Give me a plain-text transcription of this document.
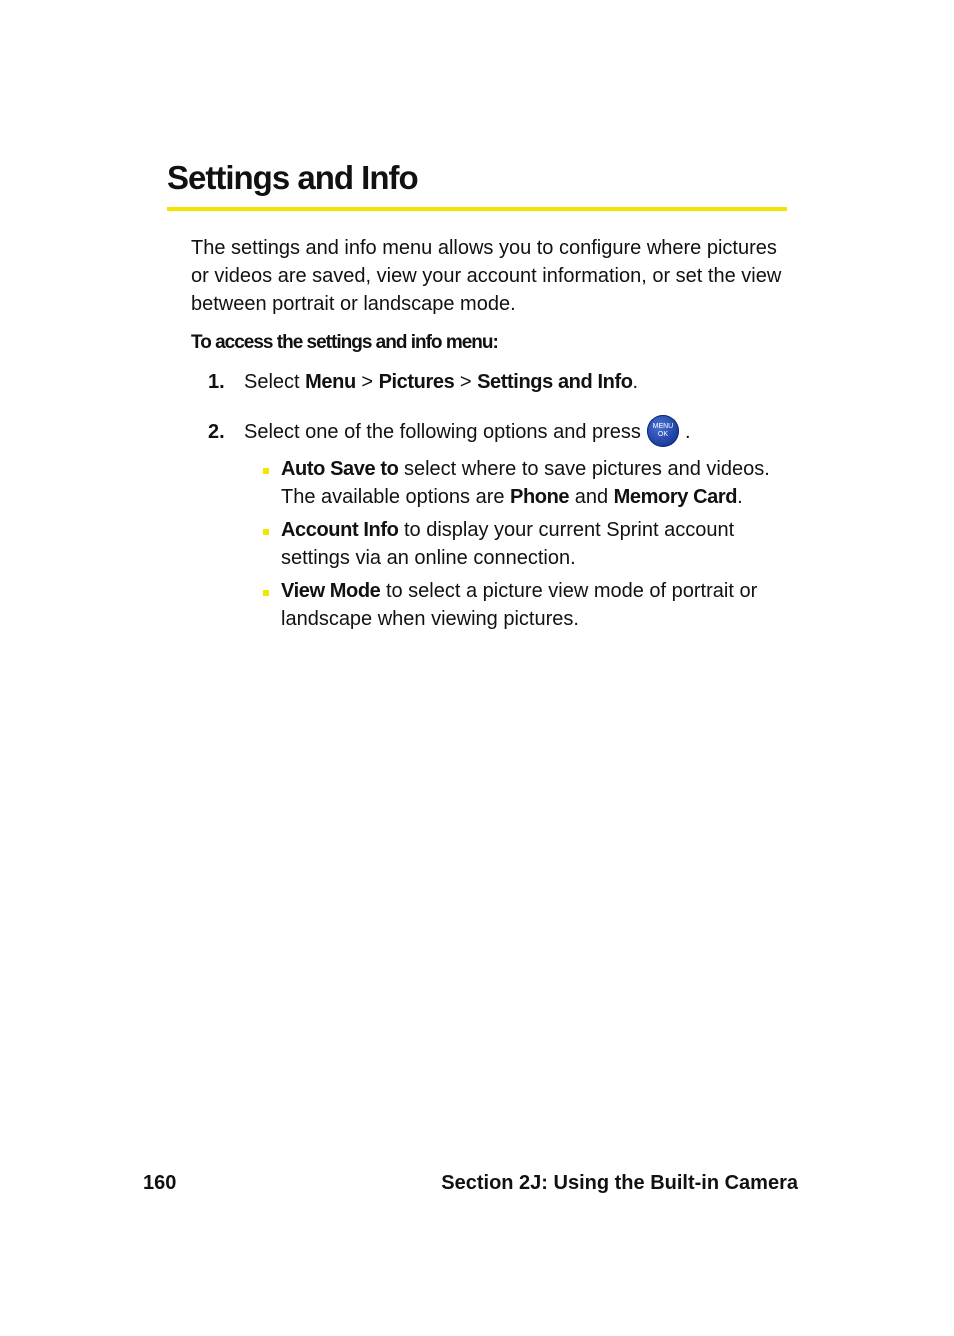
Settings and Info

The settings and info menu allows you to configure where pictures or videos are saved, view your account information, or set the view between portrait or landscape mode.

To access the settings and info menu:

1. Select Menu > Pictures > Settings and Info.
2. Select one of the following options and press	MENU
OK .
Auto Save to select where to save pictures and videos. The available options are Phone and Memory Card.
Account Info to display your current Sprint account settings via an online connection.
View Mode to select a picture view mode of portrait or landscape when viewing pictures.
160	Section 2J: Using the Built-in Camera
